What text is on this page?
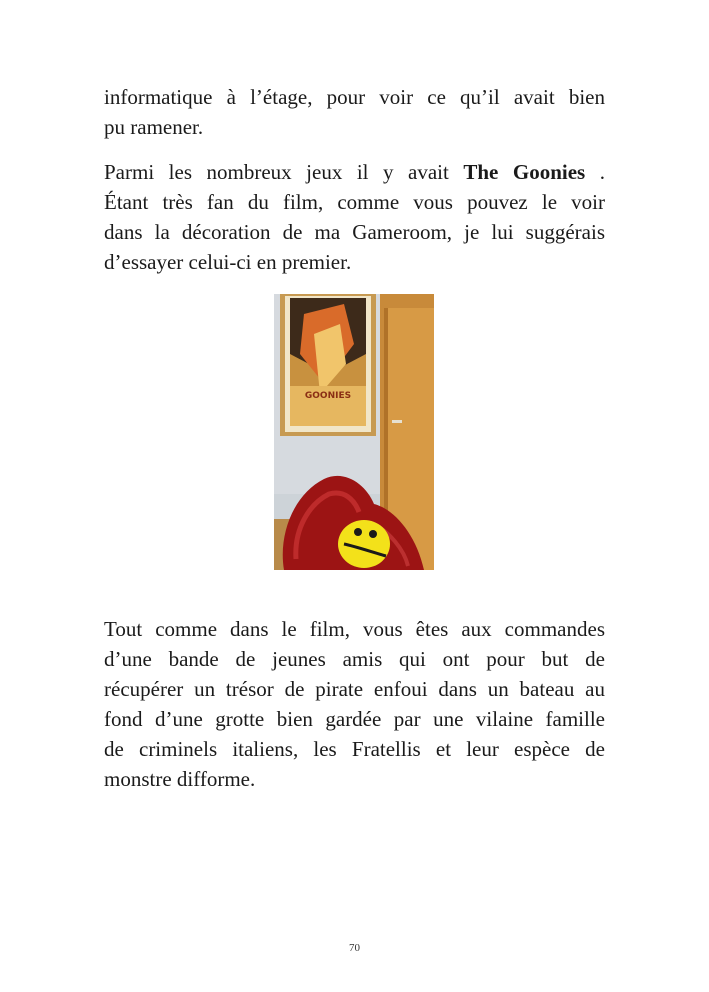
informatique à l’étage, pour voir ce qu’il avait bien
pu ramener.
Parmi les nombreux jeux il y avait The Goonies .
Étant très fan du film, comme vous pouvez le voir
dans la décoration de ma Gameroom, je lui suggérais
d’essayer celui-ci en premier.
GOONIES
Tout comme dans le film, vous êtes aux commandes
d’une bande de jeunes amis qui ont pour but de
récupérer un trésor de pirate enfoui dans un bateau au
fond d’une grotte bien gardée par une vilaine famille
de criminels italiens, les Fratellis et leur espèce de
monstre difforme.
70
